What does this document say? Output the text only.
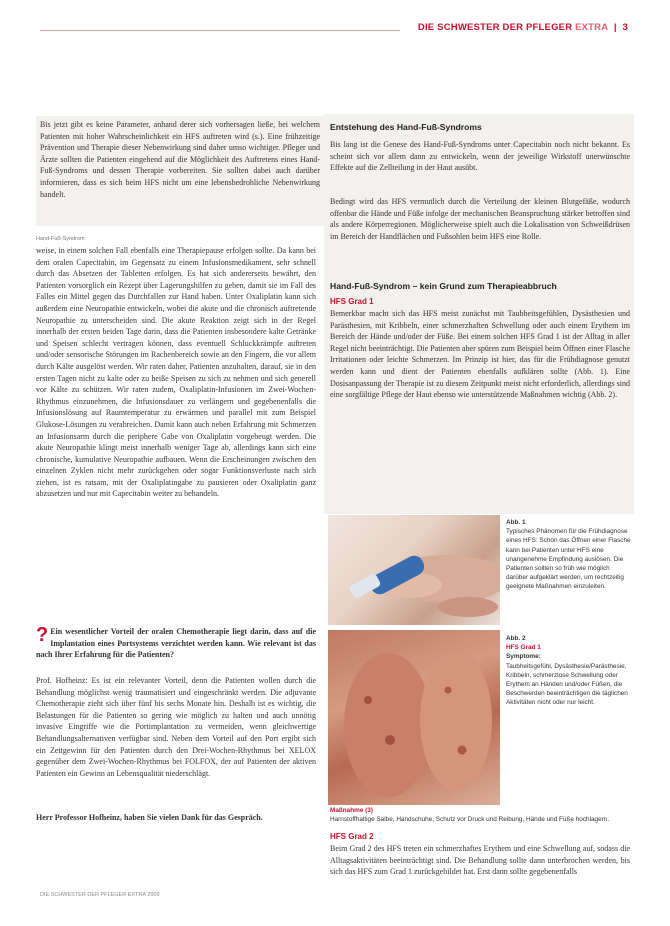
DIE SCHWESTER DER PFLEGER EXTRA | 3

Bis jetzt gibt es keine Parameter, anhand derer sich vorhersagen ließe, bei welchem Patienten mit hoher Wahrscheinlichkeit ein HFS auftreten wird (s.). Eine frühzeitige Prävention und Therapie dieser Nebenwirkung sind daher umso wichtiger. Pfleger und Ärzte sollten die Patienten eingehend auf die Möglichkeit des Auftretens eines Hand-Fuß-Syndroms und dessen Therapie vorbereiten. Sie sollten dabei auch darüber informieren, dass es sich beim HFS nicht um eine lebensbedrohliche Nebenwirkung handelt.

Hand-Fuß-Syndrom

weise, in einem solchen Fall ebenfalls eine Therapiepause erfolgen sollte. Da kann bei dem oralen Capecitabin, im Gegensatz zu einem Infusionsmedikament, sehr schnell durch das Absetzen der Tabletten erfolgen. Es hat sich andererseits bewährt, den Patienten vorsorglich ein Rezept über Lagerungshilfen zu geben, damit sie im Fall des Falles ein Mittel gegen das Durchfallen zur Hand haben. Unter Oxaliplatin kann sich außerdem eine Neuropathie entwickeln, wobei die akute und die chronisch auftretende Neuropathie zu unterscheiden sind. Die akute Reaktion zeigt sich in der Regel innerhalb der ersten beiden Tage darin, dass die Patienten insbesondere kalte Getränke und Speisen schlecht vertragen können, dass eventuell Schluckkrämpfe auftreten und/oder sensorische Störungen im Rachenbereich sowie an den Fingern, die vor allem durch Kälte ausgelöst werden. Wir raten daher, Patienten anzuhalten, darauf, sie in den ersten Tagen nicht zu kalte oder zu heiße Speisen zu sich zu nehmen und sich generell vor Kälte zu schützen. Wir raten zudem, Oxaliplatin-Infusionen im Zwei-Wochen-Rhythmus einzunehmen, die Infusionsdauer zu verlängern und gegebenenfalls die Infusionslösung auf Raumtemperatur zu erwärmen und parallel mit zum Beispiel Glukose-Lösungen zu verabreichen. Damit kann auch neben Erfahrung mit Schmerzen an Infusionsarm durch die periphere Gabe von Oxaliplatin vorgebeugt werden. Die akute Neuropathie klingt meist innerhalb weniger Tage ab, allerdings kann sich eine chronische, kumulative Neuropathie aufbauen. Wenn die Erscheinungen zwischen den einzelnen Zyklen nicht mehr zurückgehen oder sogar Funktionsverluste nach sich ziehen, ist es ratsam, mit der Oxaliplatingabe zu pausieren oder Oxaliplatin ganz abzusetzen und nur mit Capecitabin weiter zu behandeln.

? Ein wesentlicher Vorteil der oralen Chemotherapie liegt darin, dass auf die Implantation eines Portsystems verzichtet werden kann. Wie relevant ist das nach Ihrer Erfahrung für die Patienten?

Prof. Hofheinz: Es ist ein relevanter Vorteil, denn die Patienten wollen durch die Behandlung möglichst wenig traumatisiert und eingeschränkt werden. Die adjuvante Chemotherapie zieht sich über fünf bis sechs Monate hin. Deshalb ist es wichtig, die Belastungen für die Patienten so gering wie möglich zu halten und auch unnötig invasive Eingriffe wie die Portimplantation zu vermeiden, wenn gleichwertige Behandlungsalternativen verfügbar sind. Neben dem Vorteil auf den Port ergibt sich ein Zeitgewinn für den Patienten durch den Drei-Wochen-Rhythmus bei XELOX gegenüber dem Zwei-Wochen-Rhythmus bei FOLFOX, der auf Patienten der aktiven Patienten ein Gewinn an Lebensqualität niederschlägt.

Herr Professor Hofheinz, haben Sie vielen Dank für das Gespräch.

DIE SCHWESTER DER PFLEGER EXTRA 2009
Entstehung des Hand-Fuß-Syndroms

Bis lang ist die Genese des Hand-Fuß-Syndroms unter Capecitabin noch nicht bekannt. Es scheint sich vor allem dann zu entwickeln, wenn der jeweilige Wirkstoff unerwünschte Effekte auf die Zellteilung in der Haut ausübt.

Bedingt wird das HFS vermutlich durch die Verteilung der kleinen Blutgefäße, wodurch offenbar die Hände und Füße infolge der mechanischen Beanspruchung stärker betroffen sind als andere Körperregionen. Möglicherweise spielt auch die Lokalisation von Schweißdrüsen im Bereich der Handflächen und Fußsohlen beim HFS eine Rolle.

Hand-Fuß-Syndrom – kein Grund zum Therapieabbruch
HFS Grad 1

Bemerkbar macht sich das HFS meist zunächst mit Taubheitsgefühlen, Dysästhesien und Parästhesien, mit Kribbeln, einer schmerzhaften Schwellung oder auch einem Erythem im Bereich der Hände und/oder der Füße. Bei einem solchen HFS Grad 1 ist der Alltag in aller Regel nicht beeinträchtigt. Die Patienten aber spüren zum Beispiel beim Öffnen einer Flasche Irritationen oder leichte Schmerzen. Im Prinzip ist hier, das für die Frühdiagnose genutzt werden kann und dient der Patienten ebenfalls aufklären sollte (Abb. 1). Eine Dosisanpassung der Therapie ist zu diesem Zeitpunkt meist nicht erforderlich, allerdings sind eine sorgfältige Pflege der Haut ebenso wie unterstützende Maßnahmen wichtig (Abb. 2).

Abb. 1
Typisches Phänomen für die Frühdiagnose eines HFS: Schon das Öffnen einer Flasche kann bei Patienten unter HFS eine unangenehme Empfindung auslösen. Die Patienten sollten so früh wie möglich darüber aufgeklärt werden, um rechtzeitig geeignete Maßnahmen einzuleiten.
Abb. 2
HFS Grad 1
Symptome:
Taubheitsgefühl, Dysästhesie/Parästhesie, Kribbeln, schmerzlose Schwellung oder Erythem an Händen und/oder Füßen, die Beschwerden beeinträchtigen die täglichen Aktivitäten nicht oder nur leicht.
Maßnahme (3)
Harnstoffhaltige Salbe, Handschuhe, Schutz vor Druck und Reibung, Hände und Füße hochlagern.
HFS Grad 2

Beim Grad 2 des HFS treten ein schmerzhaftes Erythem und eine Schwellung auf, sodass die Alltagsaktivitäten beeinträchtigt sind. Die Behandlung sollte dann unterbrochen werden, bis sich das HFS zum Grad 1 zurückgebildet hat. Erst dann sollte gegebenenfalls
